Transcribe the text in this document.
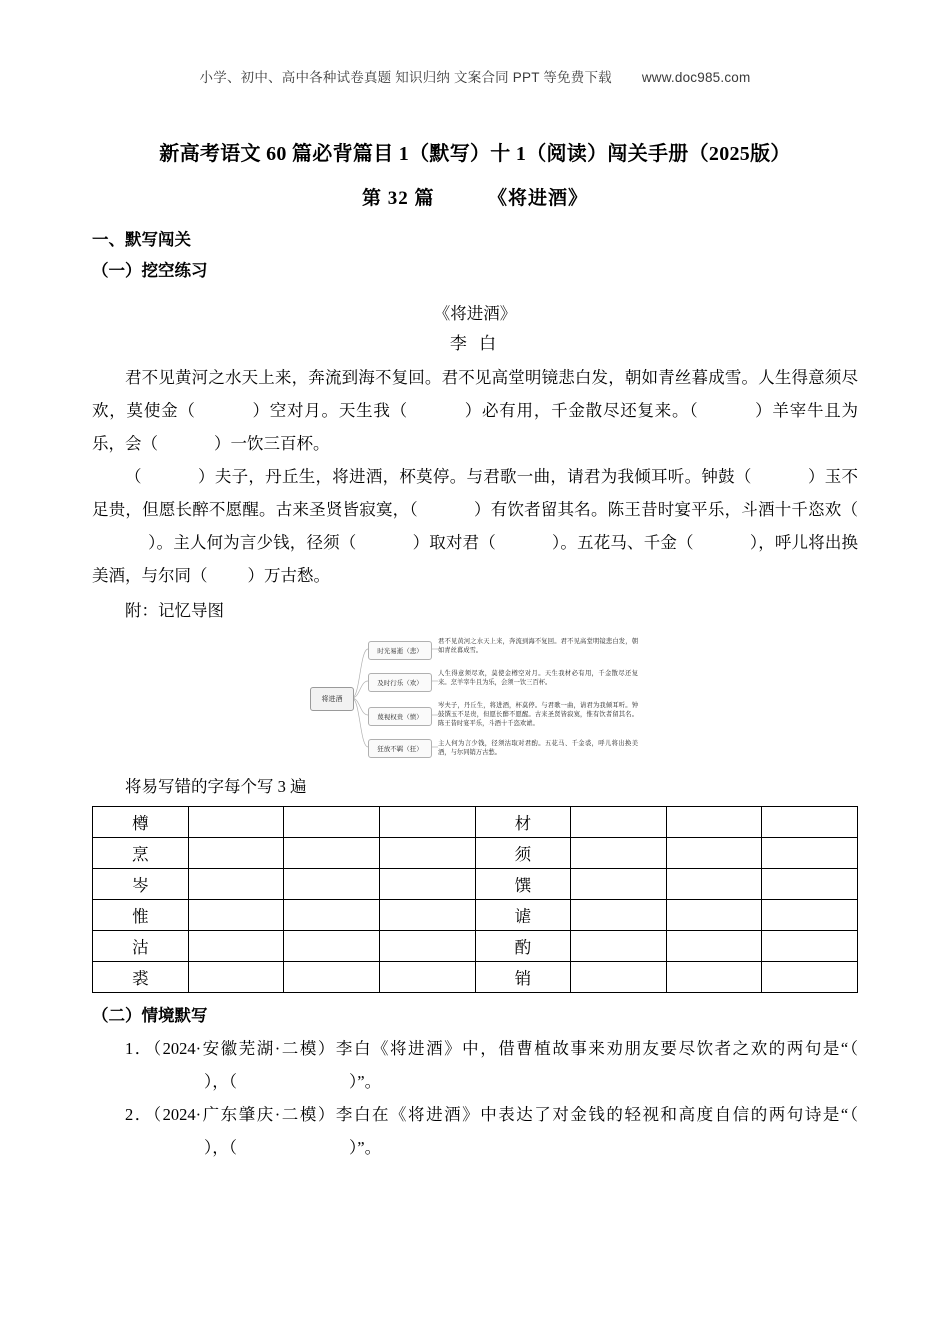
小学、初中、高中各种试卷真题 知识归纳 文案合同 PPT 等免费下载 www.doc985.com
新高考语文 60 篇必背篇目 1（默写）十 1（阅读）闯关手册（2025版）
第 32 篇	《将进酒》
一、默写闯关
（一）挖空练习
《将进酒》
李 白
君不见黄河之水天上来，奔流到海不复回。君不见高堂明镜悲白发，朝如青丝暮成雪。人生得意须尽欢，莫使金（	）空对月。天生我（	）必有用，千金散尽还复来。（	）羊宰牛且为乐，会（	）一饮三百杯。
（	）夫子，丹丘生，将进酒，杯莫停。与君歌一曲，请君为我倾耳听。钟鼓（	）玉不足贵，但愿长醉不愿醒。古来圣贤皆寂寞，（	）有饮者留其名。陈王昔时宴平乐，斗酒十千恣欢（）。主人何为言少钱，径须（	）取对君（	）。五花马、千金（	），呼儿将出换美酒，与尔同（ ）万古愁。
附：记忆导图
将进酒
时光易逝（悲）
及时行乐（欢）
蔑视权贵（愤）
狂放不羁（狂）
君不见黄河之水天上来，奔流到海不复回。君不见高堂明镜悲白发，朝如青丝暮成雪。
人生得意须尽欢，莫使金樽空对月。天生我材必有用，千金散尽还复来。烹羊宰牛且为乐，会须一饮三百杯。
岑夫子，丹丘生，将进酒，杯莫停。与君歌一曲，请君为我倾耳听。钟鼓馔玉不足贵，但愿长醉不愿醒。古来圣贤皆寂寞，惟有饮者留其名。陈王昔时宴平乐，斗酒十千恣欢谑。
主人何为言少钱，径须沽取对君酌。五花马、千金裘，呼儿将出换美酒，与尔同销万古愁。
将易写错的字每个写 3 遍
樽				材			
烹				须			
岑				馔			
惟				谑			
沽				酌			
裘				销			
（二）情境默写
1．（2024·安徽芜湖·二模）李白《将进酒》中，借曹植故事来劝朋友要尽饮者之欢的两句是“（），（	）”。
2．（2024·广东肇庆·二模）李白在《将进酒》中表达了对金钱的轻视和高度自信的两句诗是“（），（	）”。
